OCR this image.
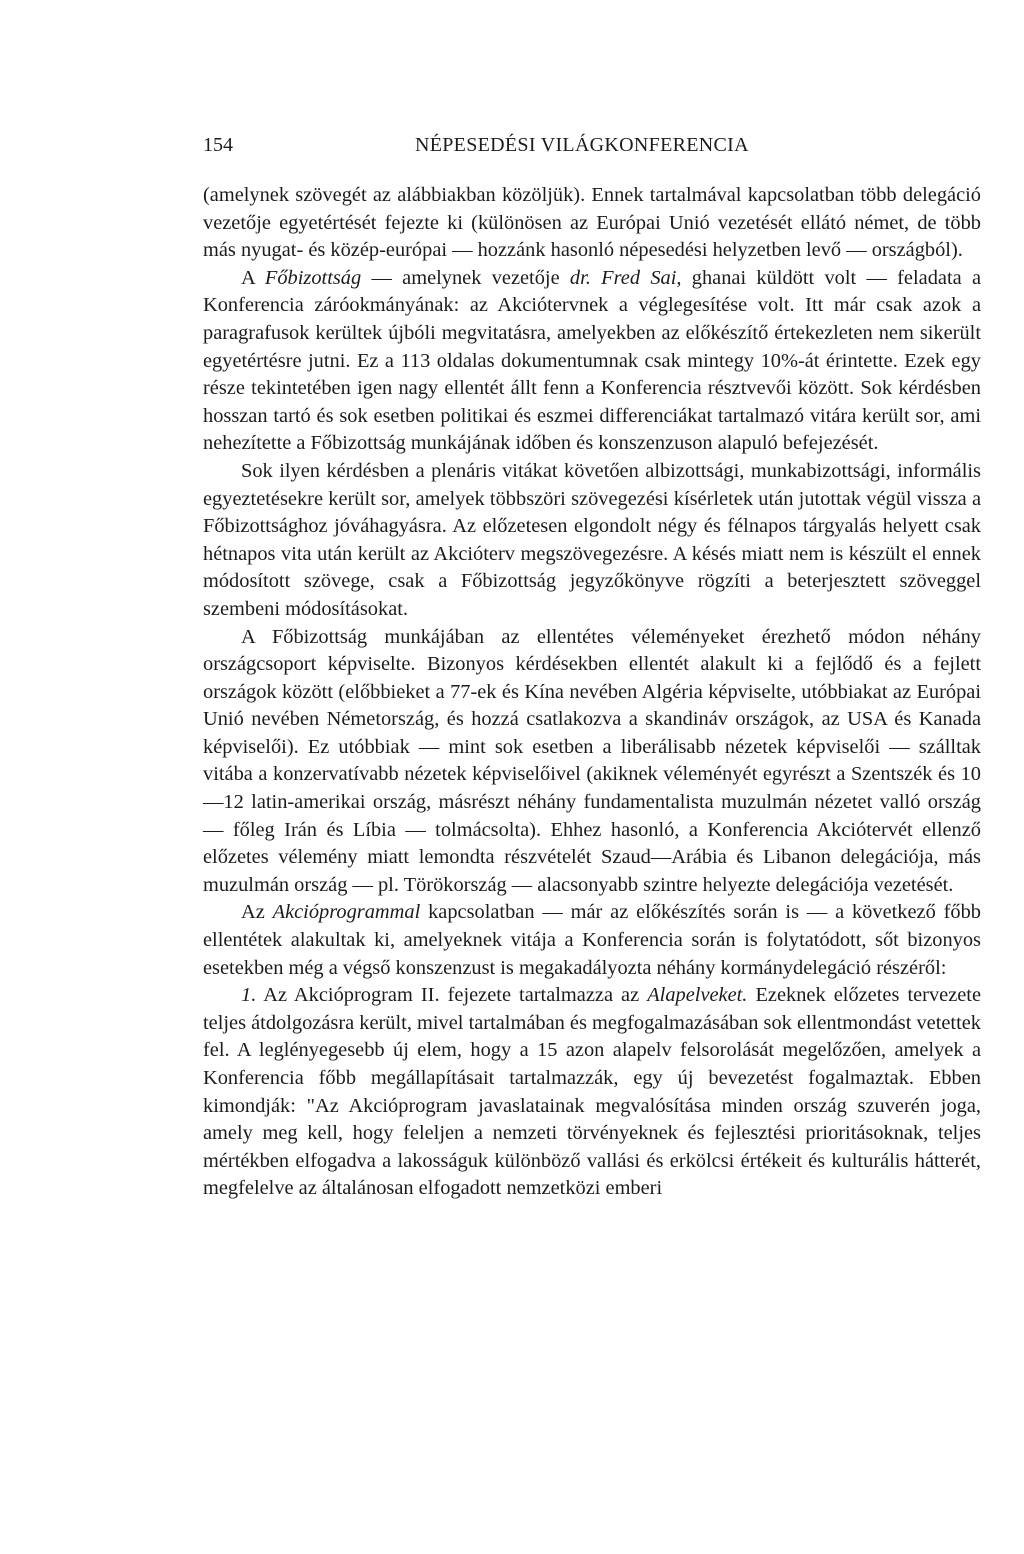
154	NÉPESEDÉSI VILÁGKONFERENCIA

(amelynek szövegét az alábbiakban közöljük). Ennek tartalmával kapcsolatban több delegáció vezetője egyetértését fejezte ki (különösen az Európai Unió vezetését ellátó német, de több más nyugat- és közép-európai — hozzánk hasonló népesedési helyzetben levő — országból).

A Főbizottság — amelynek vezetője dr. Fred Sai, ghanai küldött volt — feladata a Konferencia záróokmányának: az Akciótervnek a véglegesítése volt. Itt már csak azok a paragrafusok kerültek újbóli megvitatásra, amelyekben az előkészítő értekezleten nem sikerült egyetértésre jutni. Ez a 113 oldalas dokumentumnak csak mintegy 10%-át érintette. Ezek egy része tekintetében igen nagy ellentét állt fenn a Konferencia résztvevői között. Sok kérdésben hosszan tartó és sok esetben politikai és eszmei differenciákat tartalmazó vitára került sor, ami nehezítette a Főbizottság munkájának időben és konszenzuson alapuló befejezését.

Sok ilyen kérdésben a plenáris vitákat követően albizottsági, munkabizottsági, informális egyeztetésekre került sor, amelyek többszöri szövegezési kísérletek után jutottak végül vissza a Főbizottsághoz jóváhagyásra. Az előzetesen elgondolt négy és félnapos tárgyalás helyett csak hétnapos vita után került az Akcióterv megszövegezésre. A késés miatt nem is készült el ennek módosított szövege, csak a Főbizottság jegyzőkönyve rögzíti a beterjesztett szöveggel szembeni módosításokat.

A Főbizottság munkájában az ellentétes véleményeket érezhető módon néhány országcsoport képviselte. Bizonyos kérdésekben ellentét alakult ki a fejlődő és a fejlett országok között (előbbieket a 77-ek és Kína nevében Algéria képviselte, utóbbiakat az Európai Unió nevében Németország, és hozzá csatlakozva a skandináv országok, az USA és Kanada képviselői). Ez utóbbiak — mint sok esetben a liberálisabb nézetek képviselői — szálltak vitába a konzervatívabb nézetek képviselőivel (akiknek véleményét egyrészt a Szentszék és 10—12 latin-amerikai ország, másrészt néhány fundamentalista muzulmán nézetet valló ország — főleg Irán és Líbia — tolmácsolta). Ehhez hasonló, a Konferencia Akciótervét ellenző előzetes vélemény miatt lemondta részvételét Szaud—Arábia és Libanon delegációja, más muzulmán ország — pl. Törökország — alacsonyabb szintre helyezte delegációja vezetését.

Az Akcióprogrammal kapcsolatban — már az előkészítés során is — a következő főbb ellentétek alakultak ki, amelyeknek vitája a Konferencia során is folytatódott, sőt bizonyos esetekben még a végső konszenzust is megakadályozta néhány kormánydelegáció részéről:

1. Az Akcióprogram II. fejezete tartalmazza az Alapelveket. Ezeknek előzetes tervezete teljes átdolgozásra került, mivel tartalmában és megfogalmazásában sok ellentmondást vetettek fel. A leglényegesebb új elem, hogy a 15 azon alapelv felsorolását megelőzően, amelyek a Konferencia főbb megállapításait tartalmazzák, egy új bevezetést fogalmaztak. Ebben kimondják: "Az Akcióprogram javaslatainak megvalósítása minden ország szuverén joga, amely meg kell, hogy feleljen a nemzeti törvényeknek és fejlesztési prioritásoknak, teljes mértékben elfogadva a lakosságuk különböző vallási és erkölcsi értékeit és kulturális hátterét, megfelelve az általánosan elfogadott nemzetközi emberi
